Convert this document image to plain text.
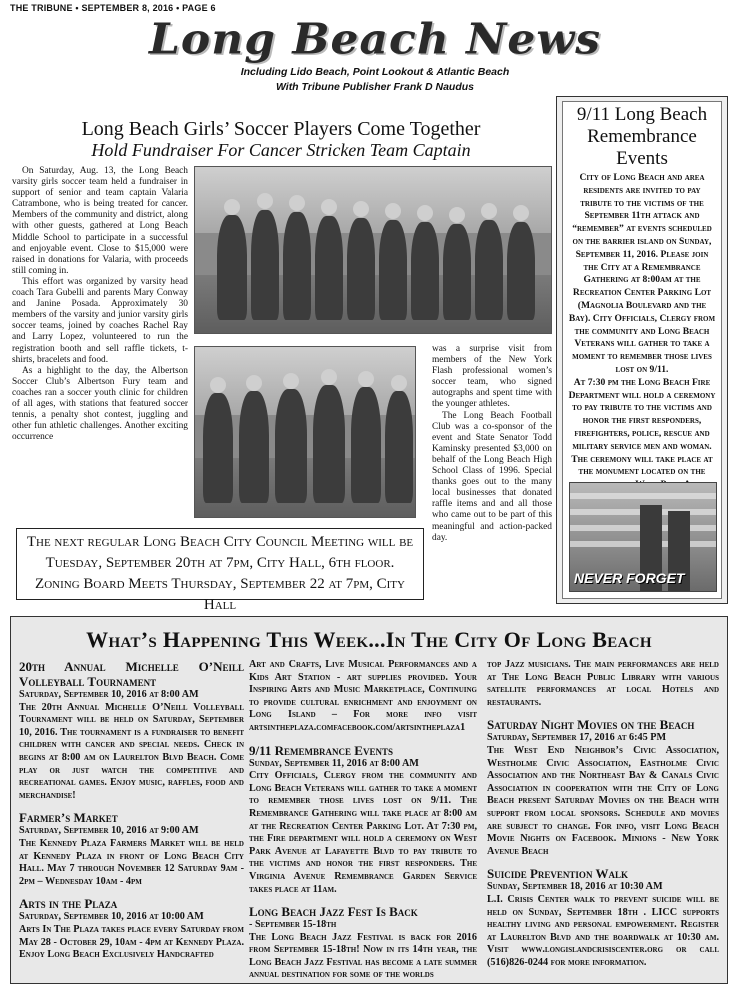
THE TRIBUNE • SEPTEMBER 8, 2016 • PAGE 6
Long Beach News
Including Lido Beach, Point Lookout & Atlantic Beach
With Tribune Publisher Frank D Naudus
Long Beach Girls’ Soccer Players Come Together
Hold Fundraiser For Cancer Stricken Team Captain

On Saturday, Aug. 13, the Long Beach varsity girls soccer team held a fundraiser in support of senior and team captain Valaria Catrambone, who is being treated for cancer. Members of the community and district, along with other guests, gathered at Long Beach Middle School to participate in a successful and enjoyable event. Close to $15,000 were raised in donations for Valaria, with proceeds still coming in.

This effort was organized by varsity head coach Tara Gubelli and parents Mary Conway and Janine Posada. Approximately 30 members of the varsity and junior varsity girls soccer teams, joined by coaches Rachel Ray and Larry Lopez, volunteered to run the registration booth and sell raffle tickets, t-shirts, bracelets and food.

As a highlight to the day, the Albertson Soccer Club’s Albertson Fury team and coaches ran a soccer youth clinic for children of all ages, with stations that featured soccer tennis, a penalty shot contest, juggling and other fun athletic challenges. Another exciting occurrence

was a surprise visit from members of the New York Flash professional women’s soccer team, who signed autographs and spent time with the younger athletes.

The Long Beach Football Club was a co-sponsor of the event and State Senator Todd Kaminsky presented $3,000 on behalf of the Long Beach High School Class of 1996. Special thanks goes out to the many local businesses that donated raffle items and and all those who came out to be part of this meaningful and action-packed day.

The next regular Long Beach City Council Meeting will be Tuesday, September 20th at 7pm, City Hall, 6th floor.
Zoning Board Meets Thursday, September 22 at 7pm, City Hall
9/11 Long Beach Remembrance Events

City of Long Beach and area residents are invited to pay tribute to the victims of the September 11th attack and “remember” at events scheduled on the barrier island on Sunday, September 11, 2016. Please join the City at a Remembrance Gathering at 8:00am at the Recreation Center Parking Lot (Magnolia Boulevard and the Bay). City Officials, Clergy from the community and Long Beach Veterans will gather to take a moment to remember those lives lost on 9/11.

At 7:30 pm the Long Beach Fire Department will hold a ceremony to pay tribute to the victims and honor the first responders, firefighters, police, rescue and military service men and woman. The ceremony will take place at the monument located on the

NEVER FORGET
What’s Happening This Week...In The City Of Long Beach
20th Annual Michelle O’Neill Volleyball Tournament
Saturday, September 10, 2016 at 8:00 AM
The 20th Annual Michelle O’Neill Volleyball Tournament will be held on Saturday, September 10, 2016. The tournament is a fundraiser to benefit children with cancer and special needs. Check in begins at 8:00 am on Laurelton Blvd Beach. Come play or just watch the competitive and recreational games. Enjoy music, raffles, food and merchandise!
Farmer’s Market
Saturday, September 10, 2016 at 9:00 AM
The Kennedy Plaza Farmers Market will be held at Kennedy Plaza in front of Long Beach City Hall. May 7 through November 12 Saturday 9am - 2pm – Wednesday 10am - 4pm
Arts in the Plaza
Saturday, September 10, 2016 at 10:00 AM
Arts In The Plaza takes place every Saturday from May 28 - October 29, 10am - 4pm at Kennedy Plaza. Enjoy Long Beach Exclusively Handcrafted
Art and Crafts, Live Musical Performances and a Kids Art Station - art supplies provided. Your Inspiring Arts and Music Marketplace, Continuing to provide cultural enrichment and enjoyment on Long Island – For more info visit artsintheplaza.comfacebook.com/artsintheplaza1
9/11 Remembrance Events
Sunday, September 11, 2016 at 8:00 AM
City Officials, Clergy from the community and Long Beach Veterans will gather to take a moment to remember those lives lost on 9/11. The Remembrance Gathering will take place at 8:00 am at the Recreation Center Parking Lot. At 7:30 pm, the Fire department will hold a ceremony on West Park Avenue at Lafayette Blvd to pay tribute to the victims and honor the first responders. The Virginia Avenue Remembrance Garden Service takes place at 11am.
Long Beach Jazz Fest Is Back
- September 15-18th
The Long Beach Jazz Festival is back for 2016 from September 15-18th! Now in its 14th year, the Long Beach Jazz Festival has become a late summer annual destination for some of the worlds
top Jazz musicians. The main performances are held at The Long Beach Public Library with various satellite performances at local Hotels and restaurants.
Saturday Night Movies on the Beach
Saturday, September 17, 2016 at 6:45 PM
The West End Neighbor’s Civic Association, Westholme Civic Association, Eastholme Civic Association and the Northeast Bay & Canals Civic Association in cooperation with the City of Long Beach present Saturday Movies on the Beach with support from local sponsors. Schedule and movies are subject to change. For info, visit Long Beach Movie Nights on Facebook. Minions - New York Avenue Beach
Suicide Prevention Walk
Sunday, September 18, 2016 at 10:30 AM
L.I. Crisis Center walk to prevent suicide will be held on Sunday, September 18th . LICC supports healthy living and personal empowerment. Register at Laurelton Blvd and the boardwalk at 10:30 am. Visit www.longislandcrisiscenter.org or call (516)826-0244 for more information.
